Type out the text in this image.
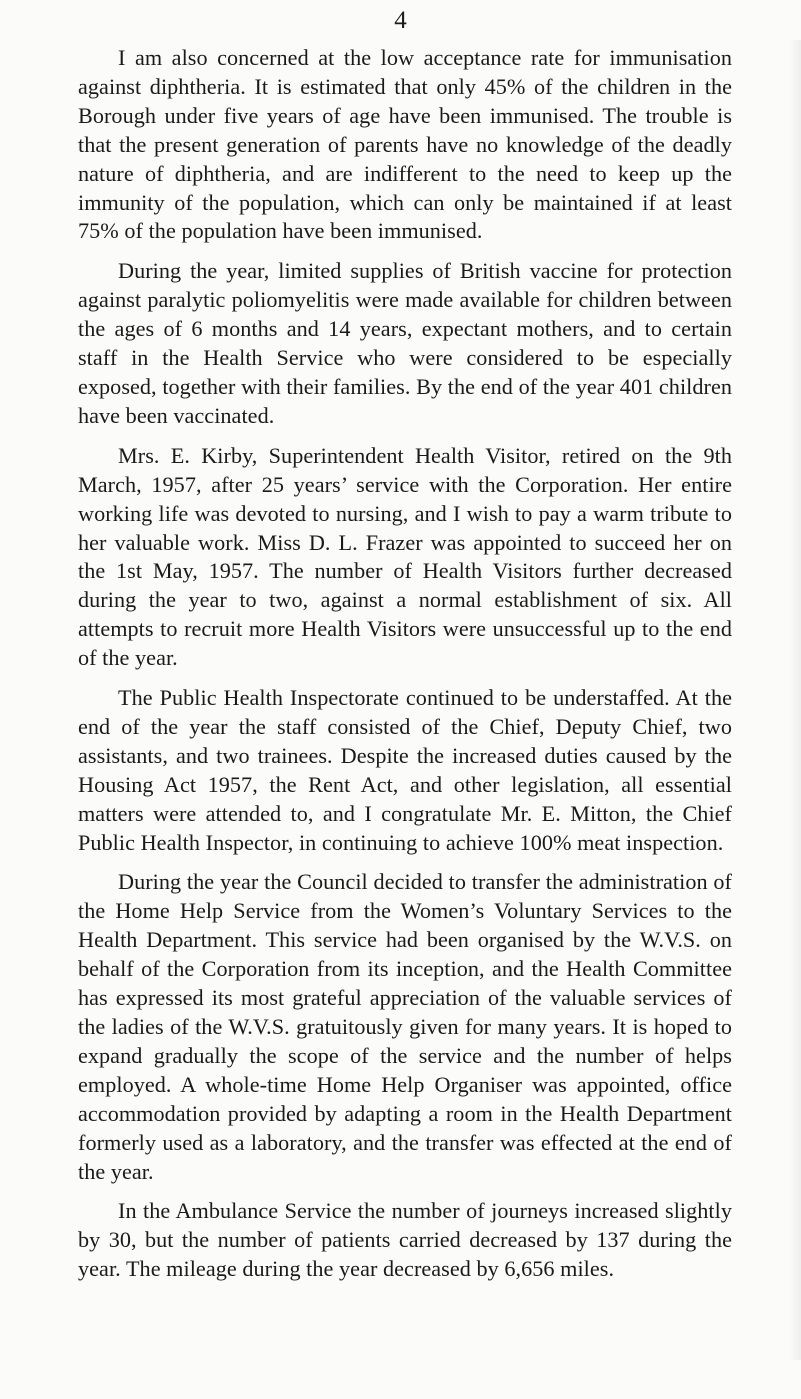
4

I am also concerned at the low acceptance rate for immunisation against diphtheria. It is estimated that only 45% of the children in the Borough under five years of age have been immunised. The trouble is that the present generation of parents have no knowledge of the deadly nature of diphtheria, and are indifferent to the need to keep up the immunity of the population, which can only be maintained if at least 75% of the population have been immunised.

During the year, limited supplies of British vaccine for protection against paralytic poliomyelitis were made available for children between the ages of 6 months and 14 years, expectant mothers, and to certain staff in the Health Service who were considered to be especially exposed, together with their families. By the end of the year 401 children have been vaccinated.

Mrs. E. Kirby, Superintendent Health Visitor, retired on the 9th March, 1957, after 25 years’ service with the Corporation. Her entire working life was devoted to nursing, and I wish to pay a warm tribute to her valuable work. Miss D. L. Frazer was appointed to succeed her on the 1st May, 1957. The number of Health Visitors further decreased during the year to two, against a normal establishment of six. All attempts to recruit more Health Visitors were unsuccessful up to the end of the year.

The Public Health Inspectorate continued to be understaffed. At the end of the year the staff consisted of the Chief, Deputy Chief, two assistants, and two trainees. Despite the increased duties caused by the Housing Act 1957, the Rent Act, and other legislation, all essential matters were attended to, and I congratulate Mr. E. Mitton, the Chief Public Health Inspector, in continuing to achieve 100% meat inspection.

During the year the Council decided to transfer the administration of the Home Help Service from the Women’s Voluntary Services to the Health Department. This service had been organised by the W.V.S. on behalf of the Corporation from its inception, and the Health Committee has expressed its most grateful appreciation of the valuable services of the ladies of the W.V.S. gratuitously given for many years. It is hoped to expand gradually the scope of the service and the number of helps employed. A whole-time Home Help Organiser was appointed, office accommodation provided by adapting a room in the Health Department formerly used as a laboratory, and the transfer was effected at the end of the year.

In the Ambulance Service the number of journeys increased slightly by 30, but the number of patients carried decreased by 137 during the year. The mileage during the year decreased by 6,656 miles.
